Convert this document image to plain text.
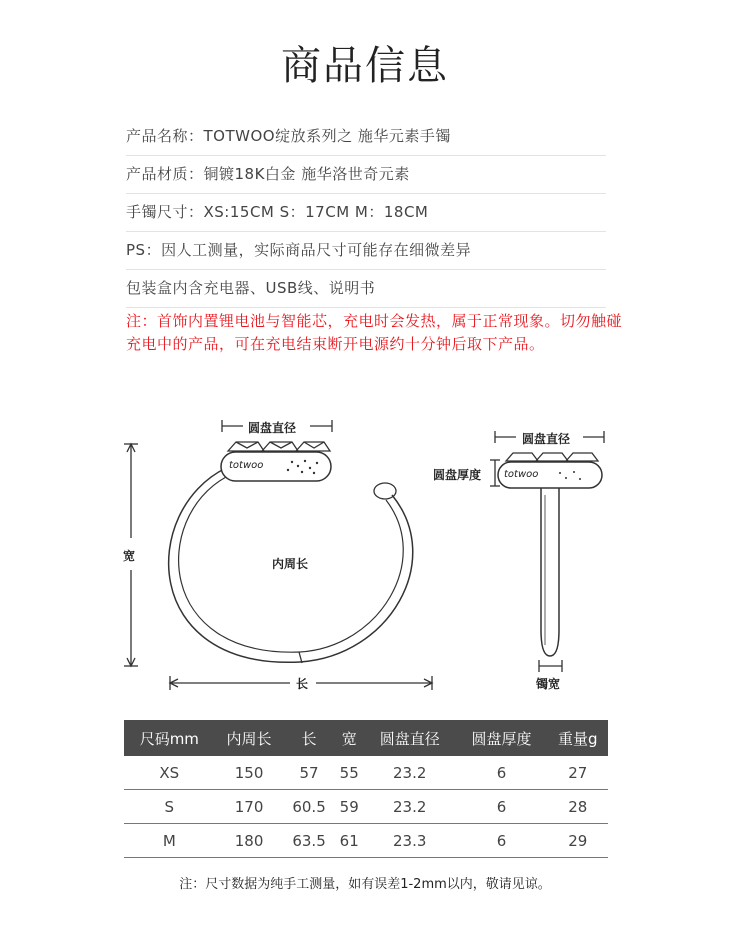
商品信息
产品名称：TOTWOO绽放系列之 施华元素手镯
产品材质：铜镀18K白金 施华洛世奇元素
手镯尺寸：XS:15CM S：17CM M：18CM
PS：因人工测量，实际商品尺寸可能存在细微差异
包装盒内含充电器、USB线、说明书
注：首饰内置锂电池与智能芯，充电时会发热，属于正常现象。切勿触碰充电中的产品，可在充电结束断开电源约十分钟后取下产品。
圆盘直径
宽
内周长
长
totwoo
圆盘直径
圆盘厚度 totwoo
镯宽
尺码mm	内周长	长	宽	圆盘直径	圆盘厚度	重量g
XS	150	57	55	23.2	6	27
S	170	60.5	59	23.2	6	28
M	180	63.5	61	23.3	6	29
注：尺寸数据为纯手工测量，如有误差1-2mm以内，敬请见谅。
